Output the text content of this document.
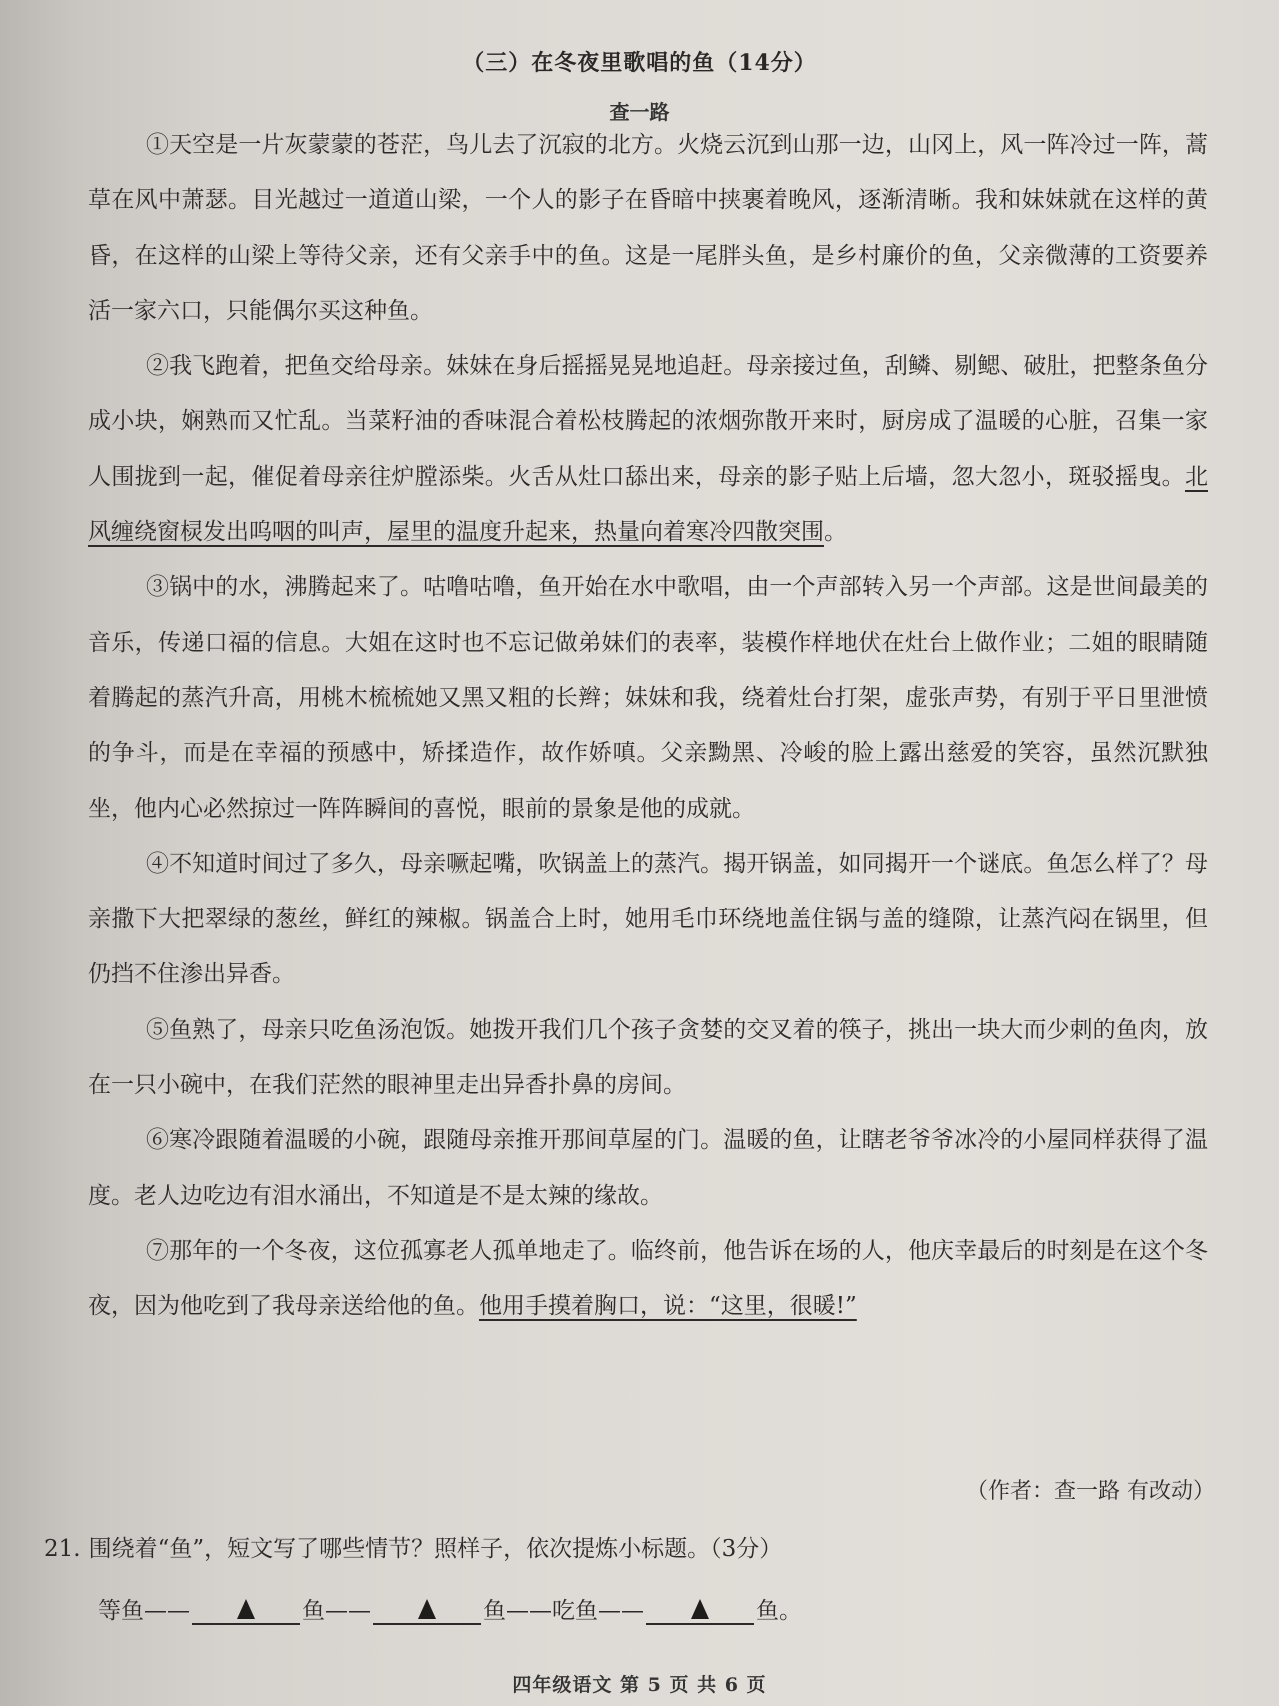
（三）在冬夜里歌唱的鱼（14分）
查一路

①天空是一片灰蒙蒙的苍茫，鸟儿去了沉寂的北方。火烧云沉到山那一边，山冈上，风一阵冷过一阵，蒿草在风中萧瑟。目光越过一道道山梁，一个人的影子在昏暗中挟裹着晚风，逐渐清晰。我和妹妹就在这样的黄昏，在这样的山梁上等待父亲，还有父亲手中的鱼。这是一尾胖头鱼，是乡村廉价的鱼，父亲微薄的工资要养活一家六口，只能偶尔买这种鱼。

②我飞跑着，把鱼交给母亲。妹妹在身后摇摇晃晃地追赶。母亲接过鱼，刮鳞、剔鳃、破肚，把整条鱼分成小块，娴熟而又忙乱。当菜籽油的香味混合着松枝腾起的浓烟弥散开来时，厨房成了温暖的心脏，召集一家人围拢到一起，催促着母亲往炉膛添柴。火舌从灶口舔出来，母亲的影子贴上后墙，忽大忽小，斑驳摇曳。北风缠绕窗棂发出呜咽的叫声，屋里的温度升起来，热量向着寒冷四散突围。

③锅中的水，沸腾起来了。咕噜咕噜，鱼开始在水中歌唱，由一个声部转入另一个声部。这是世间最美的音乐，传递口福的信息。大姐在这时也不忘记做弟妹们的表率，装模作样地伏在灶台上做作业；二姐的眼睛随着腾起的蒸汽升高，用桃木梳梳她又黑又粗的长辫；妹妹和我，绕着灶台打架，虚张声势，有别于平日里泄愤的争斗，而是在幸福的预感中，矫揉造作，故作娇嗔。父亲黝黑、冷峻的脸上露出慈爱的笑容，虽然沉默独坐，他内心必然掠过一阵阵瞬间的喜悦，眼前的景象是他的成就。

④不知道时间过了多久，母亲噘起嘴，吹锅盖上的蒸汽。揭开锅盖，如同揭开一个谜底。鱼怎么样了？母亲撒下大把翠绿的葱丝，鲜红的辣椒。锅盖合上时，她用毛巾环绕地盖住锅与盖的缝隙，让蒸汽闷在锅里，但仍挡不住渗出异香。

⑤鱼熟了，母亲只吃鱼汤泡饭。她拨开我们几个孩子贪婪的交叉着的筷子，挑出一块大而少刺的鱼肉，放在一只小碗中，在我们茫然的眼神里走出异香扑鼻的房间。

⑥寒冷跟随着温暖的小碗，跟随母亲推开那间草屋的门。温暖的鱼，让瞎老爷爷冰冷的小屋同样获得了温度。老人边吃边有泪水涌出，不知道是不是太辣的缘故。

⑦那年的一个冬夜，这位孤寡老人孤单地走了。临终前，他告诉在场的人，他庆幸最后的时刻是在这个冬夜，因为他吃到了我母亲送给他的鱼。他用手摸着胸口，说：“这里，很暖!”

（作者：查一路 有改动）
21. 围绕着“鱼”，短文写了哪些情节？照样子，依次提炼小标题。（3分）
等鱼——	鱼——	鱼——吃鱼——	鱼。
四年级语文 第 5 页 共 6 页
